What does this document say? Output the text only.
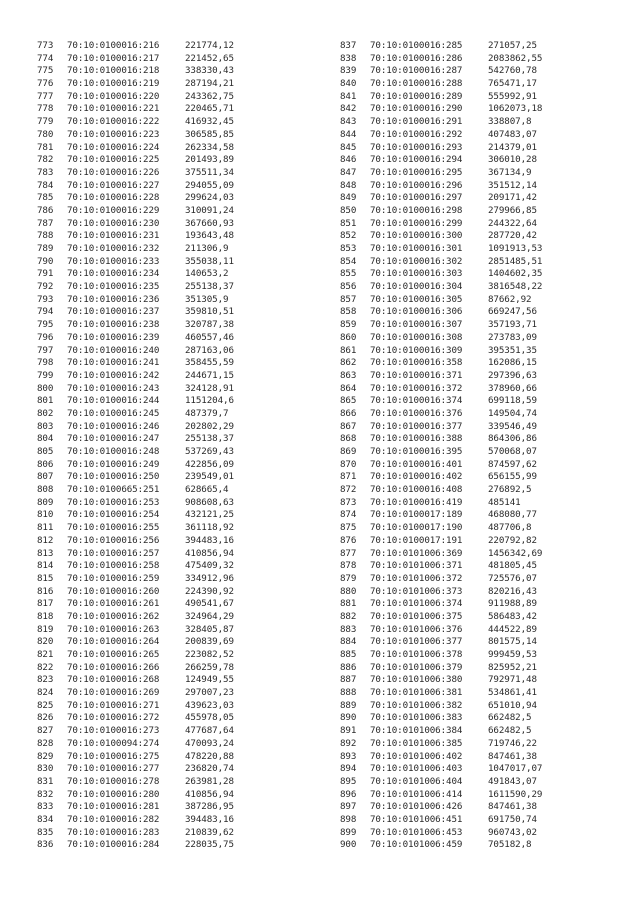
773 70:10:0100016:216	221774,12
774 70:10:0100016:217	221452,65
775 70:10:0100016:218	338330,43
776 70:10:0100016:219	287194,21
777 70:10:0100016:220	243362,75
778 70:10:0100016:221	220465,71
779 70:10:0100016:222	416932,45
780 70:10:0100016:223	306585,85
781 70:10:0100016:224	262334,58
782 70:10:0100016:225	201493,89
783 70:10:0100016:226	375511,34
784 70:10:0100016:227	294055,09
785 70:10:0100016:228	299624,03
786 70:10:0100016:229	310091,24
787 70:10:0100016:230	367660,93
788 70:10:0100016:231	193643,48
789 70:10:0100016:232	211306,9
790 70:10:0100016:233	355038,11
791 70:10:0100016:234	140653,2
792 70:10:0100016:235	255138,37
793 70:10:0100016:236	351305,9
794 70:10:0100016:237	359810,51
795 70:10:0100016:238	320787,38
796 70:10:0100016:239	460557,46
797 70:10:0100016:240	287163,06
798 70:10:0100016:241	358455,59
799 70:10:0100016:242	244671,15
800 70:10:0100016:243	324128,91
801 70:10:0100016:244	1151204,6
802 70:10:0100016:245	487379,7
803 70:10:0100016:246	202802,29
804 70:10:0100016:247	255138,37
805 70:10:0100016:248	537269,43
806 70:10:0100016:249	422856,09
807 70:10:0100016:250	239549,01
808 70:10:0100665:251	628665,4
809 70:10:0100016:253	908608,63
810 70:10:0100016:254	432121,25
811 70:10:0100016:255	361118,92
812 70:10:0100016:256	394483,16
813 70:10:0100016:257	410856,94
814 70:10:0100016:258	475409,32
815 70:10:0100016:259	334912,96
816 70:10:0100016:260	224390,92
817 70:10:0100016:261	490541,67
818 70:10:0100016:262	324964,29
819 70:10:0100016:263	328405,87
820 70:10:0100016:264	200839,69
821 70:10:0100016:265	223082,52
822 70:10:0100016:266	266259,78
823 70:10:0100016:268	124949,55
824 70:10:0100016:269	297007,23
825 70:10:0100016:271	439623,03
826 70:10:0100016:272	455978,05
827 70:10:0100016:273	477687,64
828 70:10:0100094:274	470093,24
829 70:10:0100016:275	478220,88
830 70:10:0100016:277	236820,74
831 70:10:0100016:278	263981,28
832 70:10:0100016:280	410856,94
833 70:10:0100016:281	387286,95
834 70:10:0100016:282	394483,16
835 70:10:0100016:283	210839,62
836 70:10:0100016:284	228035,75
837 70:10:0100016:285	271057,25
838 70:10:0100016:286	2083862,55
839 70:10:0100016:287	542760,78
840 70:10:0100016:288	765471,17
841 70:10:0100016:289	555992,91
842 70:10:0100016:290	1062073,18
843 70:10:0100016:291	338807,8
844 70:10:0100016:292	407483,07
845 70:10:0100016:293	214379,01
846 70:10:0100016:294	306010,28
847 70:10:0100016:295	367134,9
848 70:10:0100016:296	351512,14
849 70:10:0100016:297	209171,42
850 70:10:0100016:298	279966,85
851 70:10:0100016:299	244322,64
852 70:10:0100016:300	287720,42
853 70:10:0100016:301	1091913,53
854 70:10:0100016:302	2851485,51
855 70:10:0100016:303	1404602,35
856 70:10:0100016:304	3816548,22
857 70:10:0100016:305	87662,92
858 70:10:0100016:306	669247,56
859 70:10:0100016:307	357193,71
860 70:10:0100016:308	273783,09
861 70:10:0100016:309	395351,35
862 70:10:0100016:358	162086,15
863 70:10:0100016:371	297396,63
864 70:10:0100016:372	378960,66
865 70:10:0100016:374	699118,59
866 70:10:0100016:376	149504,74
867 70:10:0100016:377	339546,49
868 70:10:0100016:388	864306,86
869 70:10:0100016:395	570068,07
870 70:10:0100016:401	874597,62
871 70:10:0100016:402	656155,99
872 70:10:0100016:408	276892,5
873 70:10:0100016:419	485141
874 70:10:0100017:189	468080,77
875 70:10:0100017:190	487706,8
876 70:10:0100017:191	220792,82
877 70:10:0101006:369	1456342,69
878 70:10:0101006:371	481805,45
879 70:10:0101006:372	725576,07
880 70:10:0101006:373	820216,43
881 70:10:0101006:374	911988,89
882 70:10:0101006:375	586483,42
883 70:10:0101006:376	444522,89
884 70:10:0101006:377	801575,14
885 70:10:0101006:378	999459,53
886 70:10:0101006:379	825952,21
887 70:10:0101006:380	792971,48
888 70:10:0101006:381	534861,41
889 70:10:0101006:382	651010,94
890 70:10:0101006:383	662482,5
891 70:10:0101006:384	662482,5
892 70:10:0101006:385	719746,22
893 70:10:0101006:402	847461,38
894 70:10:0101006:403	1047017,07
895 70:10:0101006:404	491843,07
896 70:10:0101006:414	1611590,29
897 70:10:0101006:426	847461,38
898 70:10:0101006:451	691750,74
899 70:10:0101006:453	960743,02
900 70:10:0101006:459	705182,8
